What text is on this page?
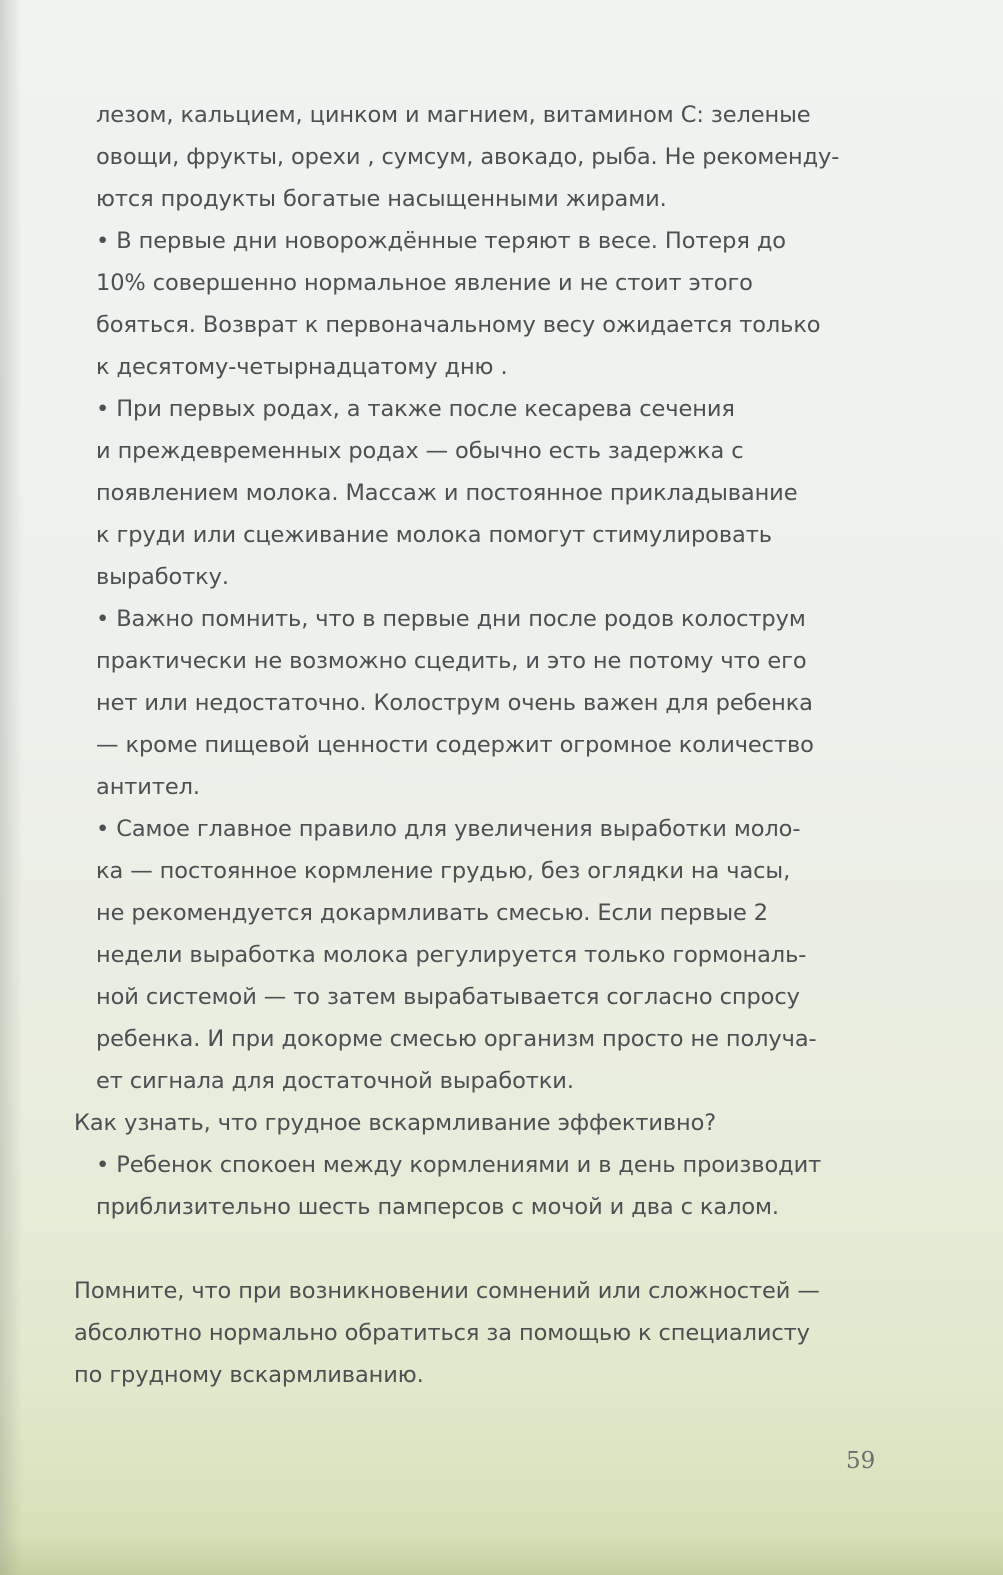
лезом, кальцием, цинком и магнием, витамином С: зеленые
овощи, фрукты, орехи , сумсум, авокадо, рыба. Не рекоменду-
ются продукты богатые насыщенными жирами.
• В первые дни новорождённые теряют в весе. Потеря до
10% совершенно нормальное явление и не стоит этого
бояться. Возврат к первоначальному весу ожидается только
к десятому-четырнадцатому дню .
• При первых родах, а также после кесарева сечения
и преждевременных родах — обычно есть задержка с
появлением молока. Массаж и постоянное прикладывание
к груди или сцеживание молока помогут стимулировать
выработку.
• Важно помнить, что в первые дни после родов колострум
практически не возможно сцедить, и это не потому что его
нет или недостаточно. Колострум очень важен для ребенка
— кроме пищевой ценности содержит огромное количество
антител.
• Самое главное правило для увеличения выработки моло-
ка — постоянное кормление грудью, без оглядки на часы,
не рекомендуется докармливать смесью. Если первые 2
недели выработка молока регулируется только гормональ-
ной системой — то затем вырабатывается согласно спросу
ребенка. И при докорме смесью организм просто не получа-
ет сигнала для достаточной выработки.
Как узнать, что грудное вскармливание эффективно?
• Ребенок спокоен между кормлениями и в день производит
приблизительно шесть памперсов с мочой и два с калом.
Помните, что при возникновении сомнений или сложностей —
абсолютно нормально обратиться за помощью к специалисту
по грудному вскармливанию.
59
